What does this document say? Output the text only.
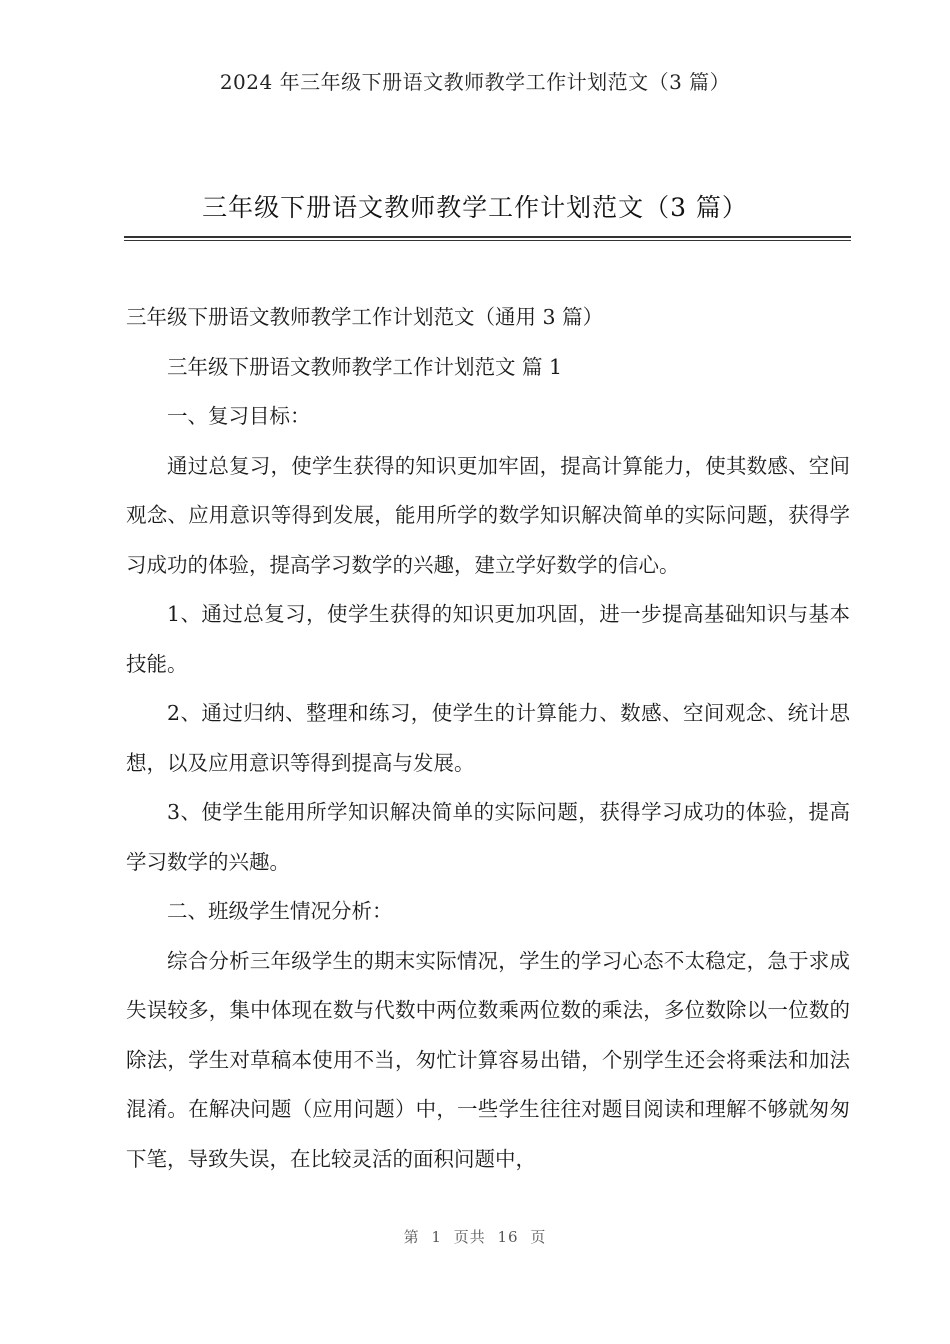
2024 年三年级下册语文教师教学工作计划范文（3 篇）
三年级下册语文教师教学工作计划范文（3 篇）

三年级下册语文教师教学工作计划范文（通用 3 篇）

三年级下册语文教师教学工作计划范文 篇 1

一、复习目标：

通过总复习，使学生获得的知识更加牢固，提高计算能力，使其数感、空间观念、应用意识等得到发展，能用所学的数学知识解决简单的实际问题，获得学习成功的体验，提高学习数学的兴趣，建立学好数学的信心。

1、通过总复习，使学生获得的知识更加巩固，进一步提高基础知识与基本技能。

2、通过归纳、整理和练习，使学生的计算能力、数感、空间观念、统计思想，以及应用意识等得到提高与发展。

3、使学生能用所学知识解决简单的实际问题，获得学习成功的体验，提高学习数学的兴趣。

二、班级学生情况分析：

综合分析三年级学生的期末实际情况，学生的学习心态不太稳定，急于求成失误较多，集中体现在数与代数中两位数乘两位数的乘法，多位数除以一位数的除法，学生对草稿本使用不当，匆忙计算容易出错，个别学生还会将乘法和加法混淆。在解决问题（应用问题）中，一些学生往往对题目阅读和理解不够就匆匆下笔，导致失误，在比较灵活的面积问题中，

第 1 页共 16 页
